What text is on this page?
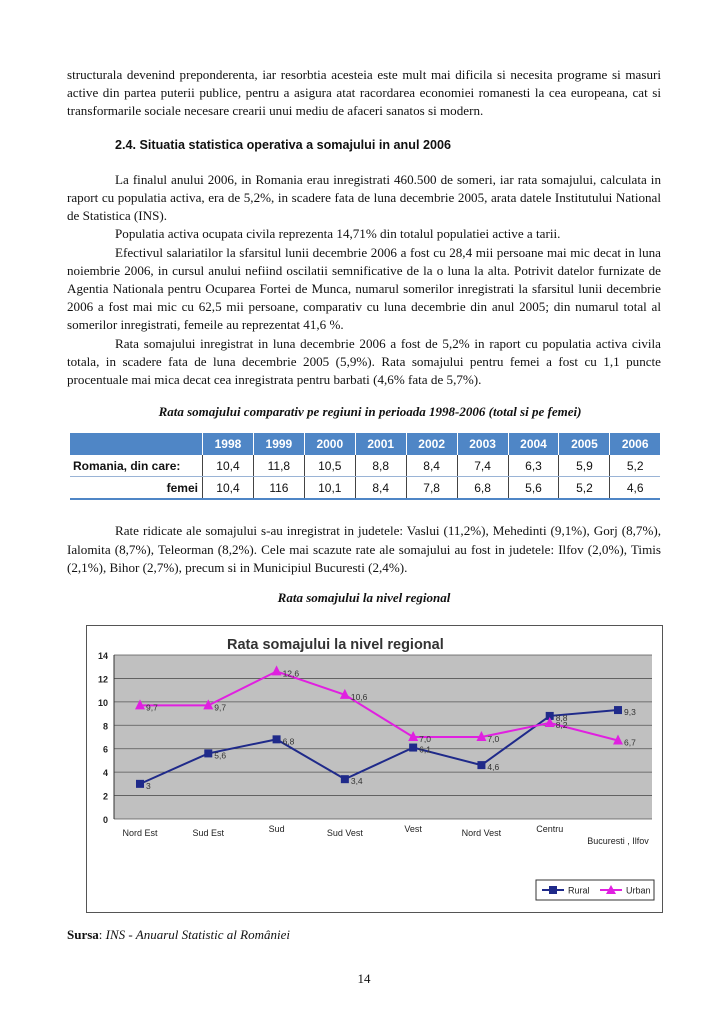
structurala devenind preponderenta, iar resorbtia acesteia este mult mai dificila si necesita programe si masuri active din partea puterii publice, pentru a asigura atat racordarea economiei romanesti la cea europeana, cat si transformarile sociale necesare crearii unui mediu de afaceri sanatos si modern.

2.4. Situatia statistica operativa a somajului in anul 2006

La finalul anului 2006, in Romania erau inregistrati 460.500 de someri, iar rata somajului, calculata in raport cu populatia activa, era de 5,2%, in scadere fata de luna decembrie 2005, arata datele Institutului National de Statistica (INS).

Populatia activa ocupata civila reprezenta 14,71% din totalul populatiei active a tarii.

Efectivul salariatilor la sfarsitul lunii decembrie 2006 a fost cu 28,4 mii persoane mai mic decat in luna noiembrie 2006, in cursul anului nefiind oscilatii semnificative de la o luna la alta. Potrivit datelor furnizate de Agentia Nationala pentru Ocuparea Fortei de Munca, numarul somerilor inregistrati la sfarsitul lunii decembrie 2006 a fost mai mic cu 62,5 mii persoane, comparativ cu luna decembrie din anul 2005; din numarul total al somerilor inregistrati, femeile au reprezentat 41,6 %.

Rata somajului inregistrat in luna decembrie 2006 a fost de 5,2% in raport cu populatia activa civila totala, in scadere fata de luna decembrie 2005 (5,9%). Rata somajului pentru femei a fost cu 1,1 puncte procentuale mai mica decat cea inregistrata pentru barbati (4,6% fata de 5,7%).

Rata somajului comparativ pe regiuni in perioada 1998-2006 (total si pe femei)

	1998	1999	2000	2001	2002	2003	2004	2005	2006
Romania, din care:	10,4	11,8	10,5	8,8	8,4	7,4	6,3	5,9	5,2
femei	10,4	116	10,1	8,4	7,8	6,8	5,6	5,2	4,6

Rate ridicate ale somajului s-au inregistrat in judetele: Vaslui (11,2%), Mehedinti (9,1%), Gorj (8,7%), Ialomita (8,7%), Teleorman (8,2%). Cele mai scazute rate ale somajului au fost in judetele: Ilfov (2,0%), Timis (2,1%), Bihor (2,7%), precum si in Municipiul Bucuresti (2,4%).

Rata somajului la nivel regional

0
2
4
6
8
10
12
14
Nord Est	Sud Est	Sud	Sud Vest	Vest	Nord Vest	Centru
Bucuresti , Ilfov
3
5,6
6,8
3,4
6,1
4,6
8,8
9,3
9,7	9,7
12,6
10,6
7,0	7,0
8,2
6,7
Rata somajului la nivel regional
Rural	Urban

Sursa: INS - Anuarul Statistic al României

14
